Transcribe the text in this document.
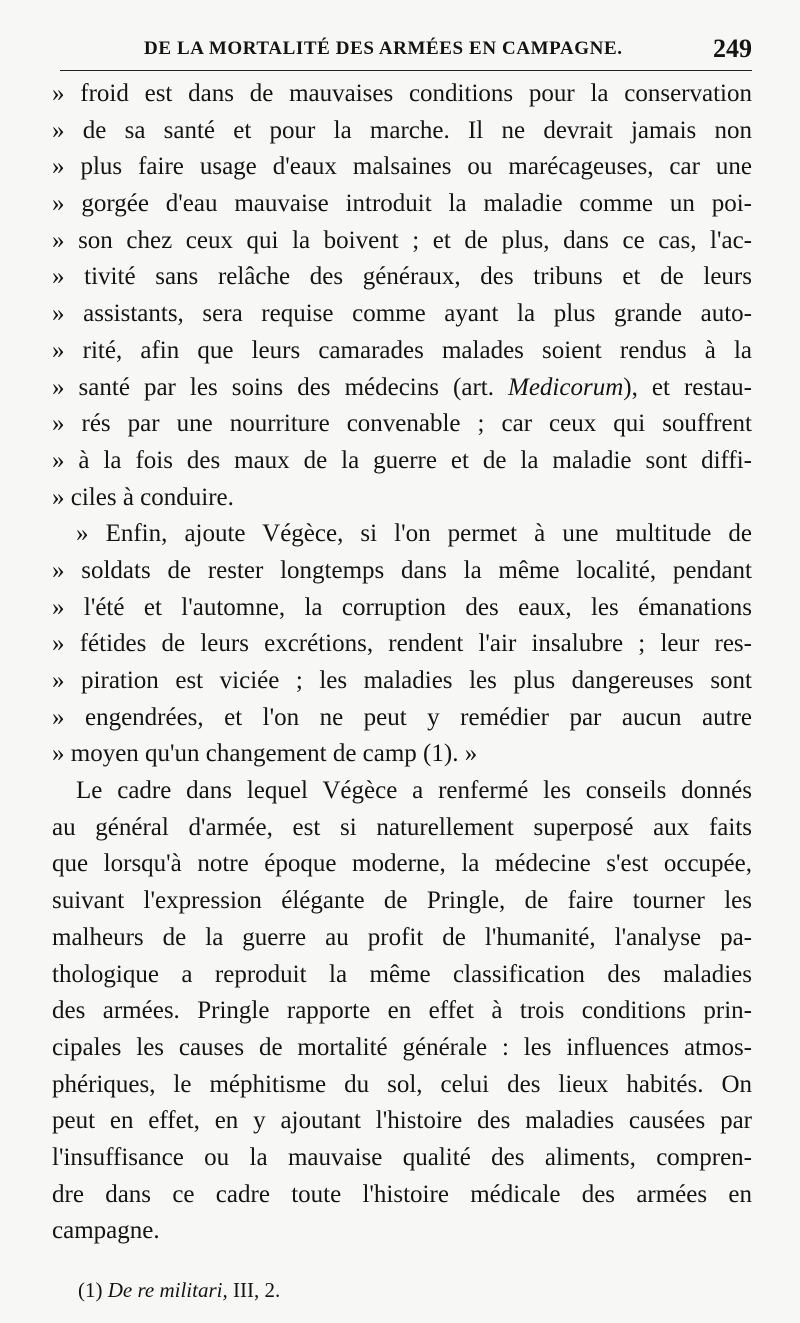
DE LA MORTALITÉ DES ARMÉES EN CAMPAGNE.	249
» froid est dans de mauvaises conditions pour la conservation
» de sa santé et pour la marche. Il ne devrait jamais non
» plus faire usage d'eaux malsaines ou marécageuses, car une
» gorgée d'eau mauvaise introduit la maladie comme un poi-
» son chez ceux qui la boivent ; et de plus, dans ce cas, l'ac-
» tivité sans relâche des généraux, des tribuns et de leurs
» assistants, sera requise comme ayant la plus grande auto-
» rité, afin que leurs camarades malades soient rendus à la
» santé par les soins des médecins (art. Medicorum), et restau-
» rés par une nourriture convenable ; car ceux qui souffrent
» à la fois des maux de la guerre et de la maladie sont diffi-
» ciles à conduire.
» Enfin, ajoute Végèce, si l'on permet à une multitude de
» soldats de rester longtemps dans la même localité, pendant
» l'été et l'automne, la corruption des eaux, les émanations
» fétides de leurs excrétions, rendent l'air insalubre ; leur res-
» piration est viciée ; les maladies les plus dangereuses sont
» engendrées, et l'on ne peut y remédier par aucun autre
» moyen qu'un changement de camp (1). »
Le cadre dans lequel Végèce a renfermé les conseils donnés
au général d'armée, est si naturellement superposé aux faits
que lorsqu'à notre époque moderne, la médecine s'est occupée,
suivant l'expression élégante de Pringle, de faire tourner les
malheurs de la guerre au profit de l'humanité, l'analyse pa-
thologique a reproduit la même classification des maladies
des armées. Pringle rapporte en effet à trois conditions prin-
cipales les causes de mortalité générale : les influences atmos-
phériques, le méphitisme du sol, celui des lieux habités. On
peut en effet, en y ajoutant l'histoire des maladies causées par
l'insuffisance ou la mauvaise qualité des aliments, compren-
dre dans ce cadre toute l'histoire médicale des armées en
campagne.
(1) De re militari, III, 2.
